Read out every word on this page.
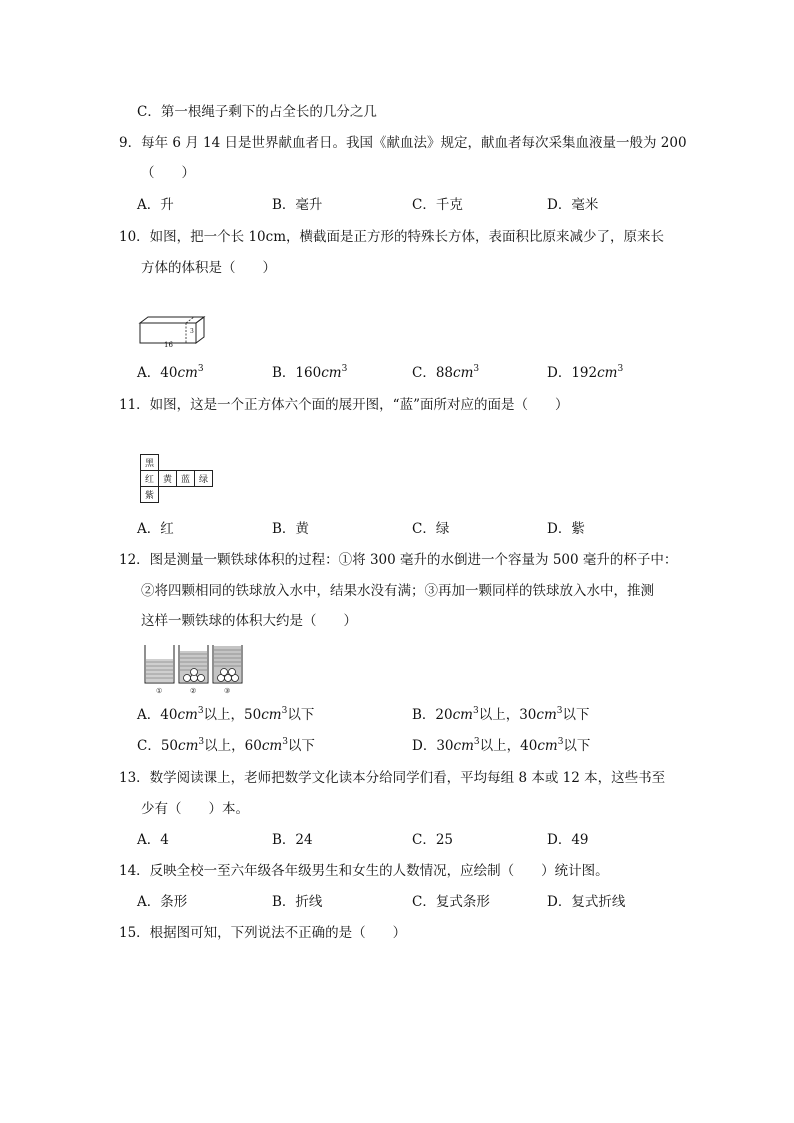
C．第一根绳子剩下的占全长的几分之几
9．每年 6 月 14 日是世界献血者日。我国《献血法》规定，献血者每次采集血液量一般为 200
（　　）
A．升	B．毫升	C．千克	D．毫米
10．如图，把一个长 10cm，横截面是正方形的特殊长方体，表面积比原来减少了，原来长
方体的体积是（　　）
3
16
A．$40cm^3$	B．$160cm^3$	C．$88cm^3$	D．$192cm^3$
11．如图，这是一个正方体六个面的展开图，“蓝”面所对应的面是（　　）
黑			
红	黄	蓝	绿
紫			
A．红	B．黄	C．绿	D．紫
12．图是测量一颗铁球体积的过程：①将 300 毫升的水倒进一个容量为 500 毫升的杯子中：
②将四颗相同的铁球放入水中，结果水没有满；③再加一颗同样的铁球放入水中，推测
这样一颗铁球的体积大约是（　　）
①	②	③
A．$40cm^3$以上，$50cm^3$以下	B．$20cm^3$以上，$30cm^3$以下
C．$50cm^3$以上，$60cm^3$以下	D．$30cm^3$以上，$40cm^3$以下
13．数学阅读课上，老师把数学文化读本分给同学们看，平均每组 8 本或 12 本，这些书至
少有（　　）本。
A．4	B．24	C．25	D．49
14．反映全校一至六年级各年级男生和女生的人数情况，应绘制（　　）统计图。
A．条形	B．折线	C．复式条形	D．复式折线
15．根据图可知，下列说法不正确的是（　　）
